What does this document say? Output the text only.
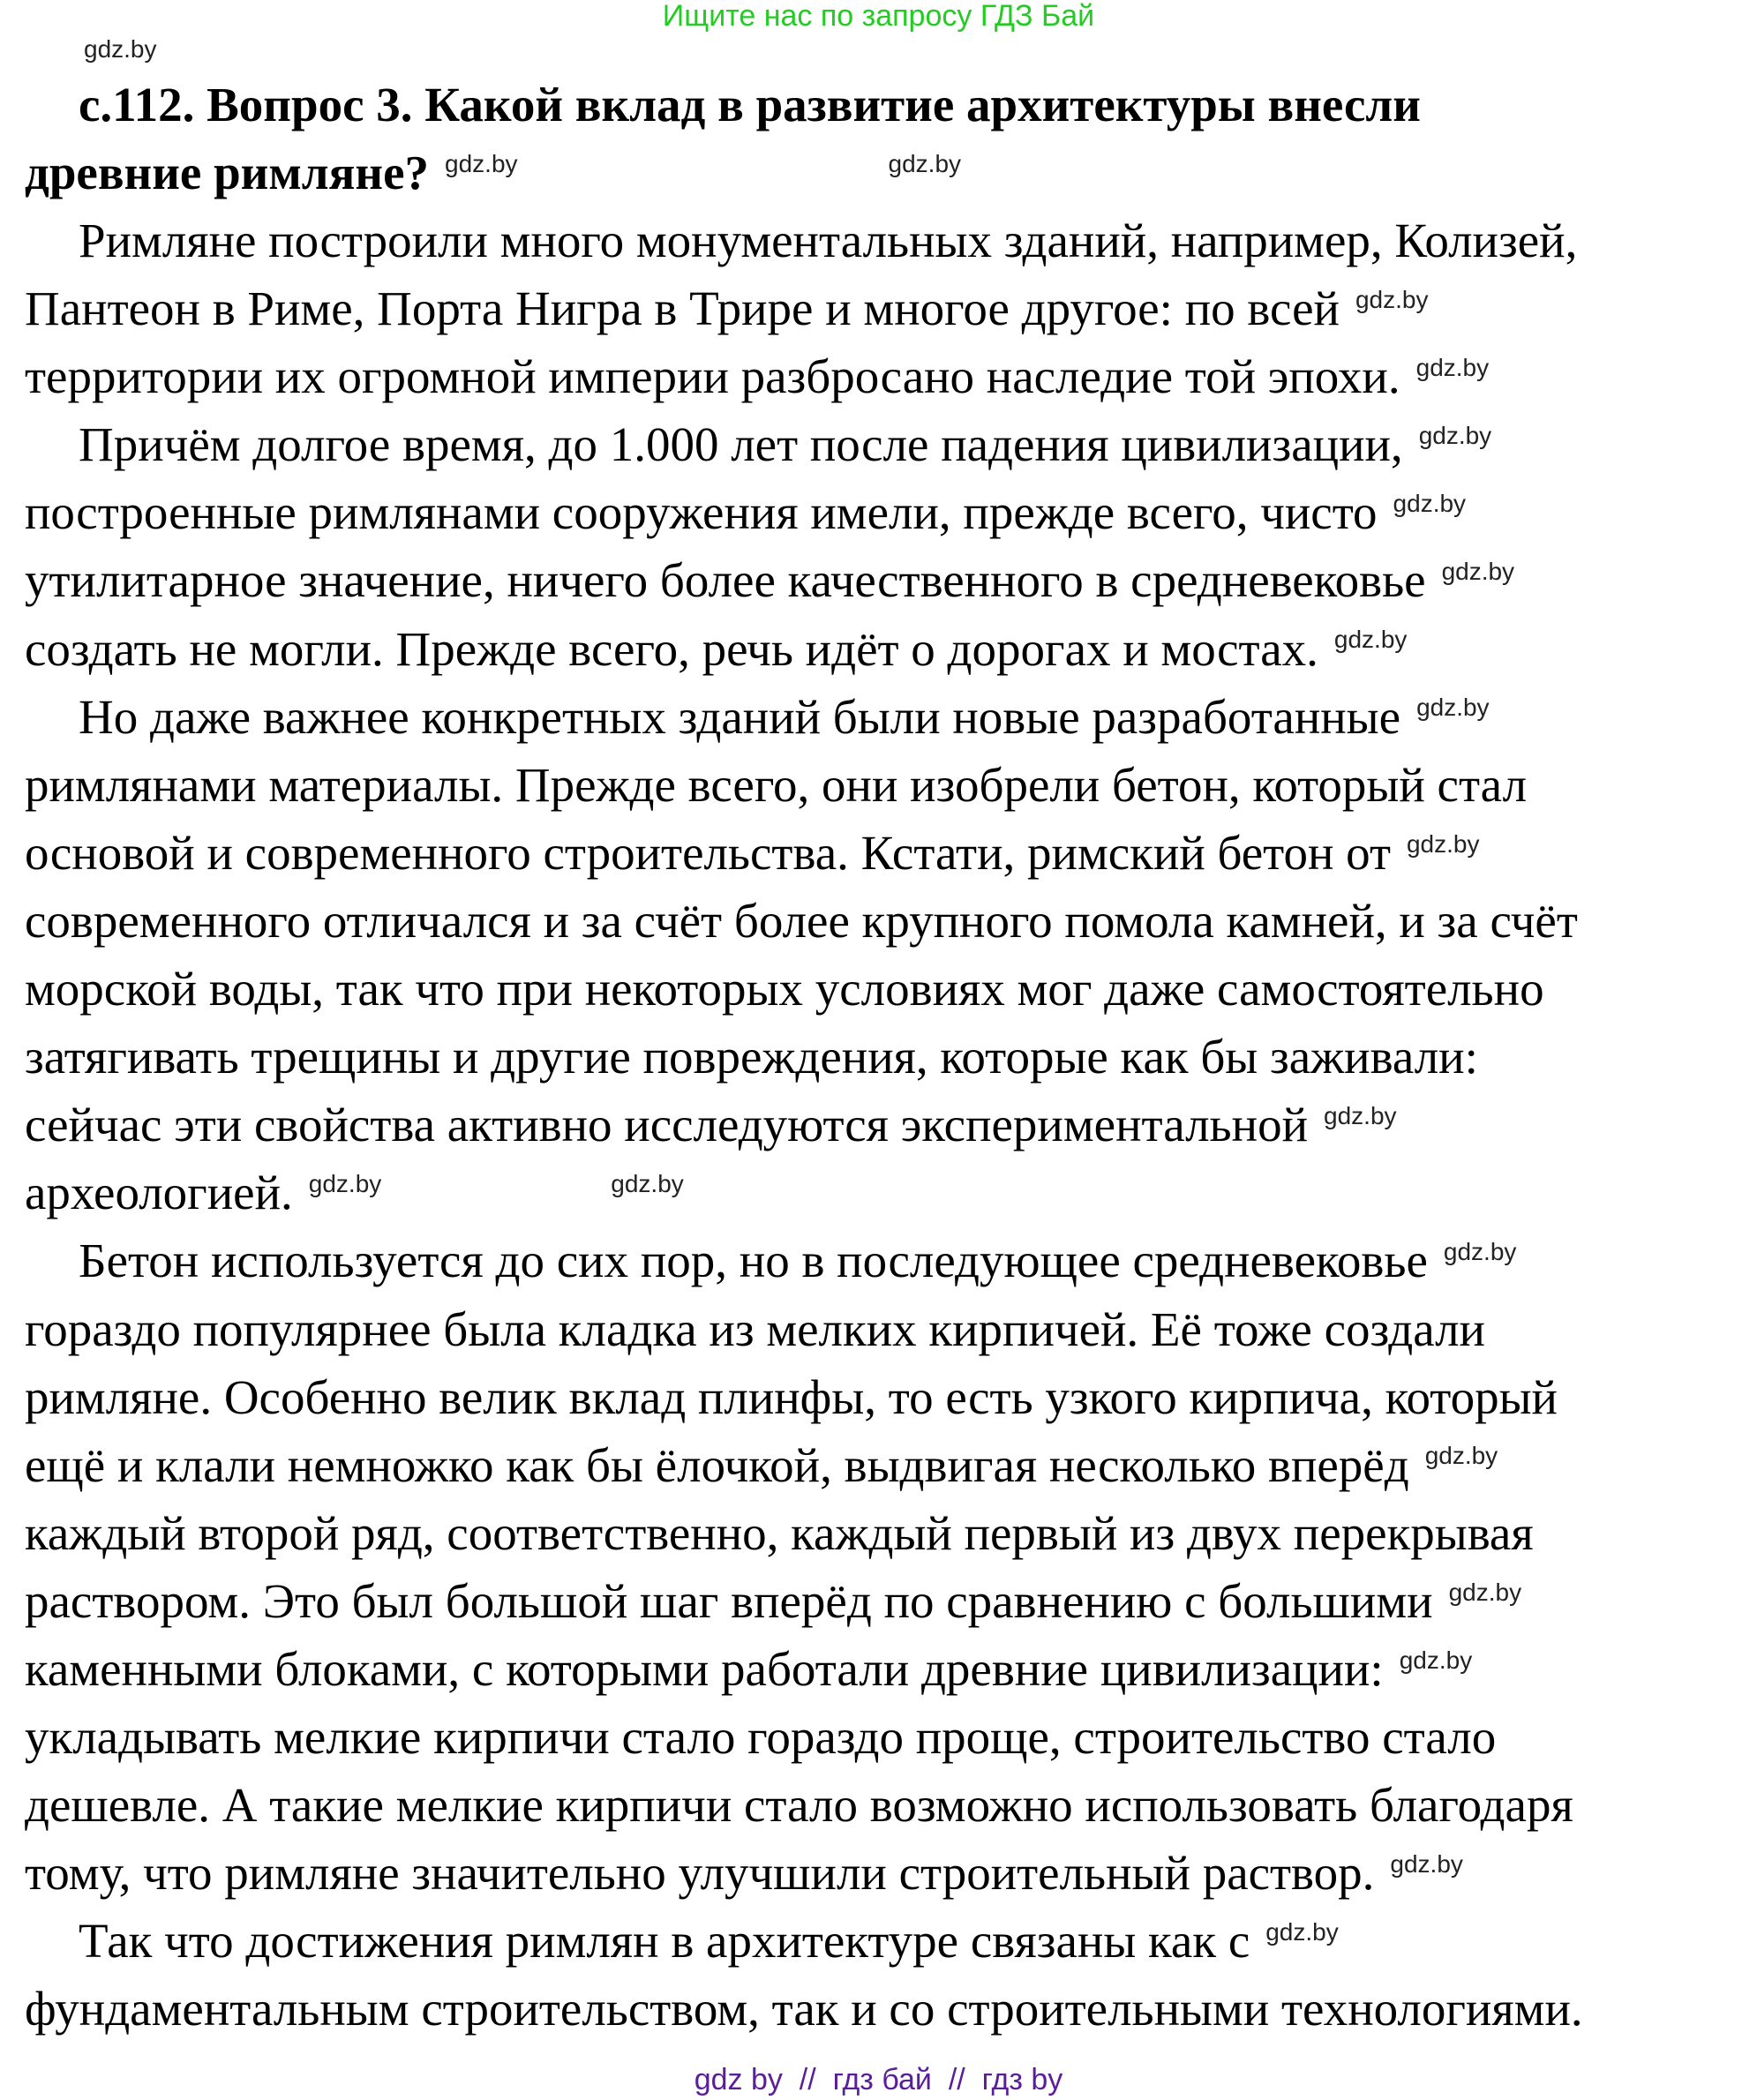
Ищите нас по запросу ГДЗ Бай
gdz.by
с.112. Вопрос 3. Какой вклад в развитие архитектуры внесли
древние римляне? $^{gdz.by}$	$^{gdz.by}$
Римляне построили много монументальных зданий, например, Колизей,
Пантеон в Риме, Порта Нигра в Трире и многое другое: по всей $^{gdz.by}$
территории их огромной империи разбросано наследие той эпохи. $^{gdz.by}$
Причём долгое время, до 1.000 лет после падения цивилизации, $^{gdz.by}$
построенные римлянами сооружения имели, прежде всего, чисто $^{gdz.by}$
утилитарное значение, ничего более качественного в средневековье $^{gdz.by}$
создать не могли. Прежде всего, речь идёт о дорогах и мостах. $^{gdz.by}$
Но даже важнее конкретных зданий были новые разработанные $^{gdz.by}$
римлянами материалы. Прежде всего, они изобрели бетон, который стал
основой и современного строительства. Кстати, римский бетон от $^{gdz.by}$
современного отличался и за счёт более крупного помола камней, и за счёт
морской воды, так что при некоторых условиях мог даже самостоятельно
затягивать трещины и другие повреждения, которые как бы заживали:
сейчас эти свойства активно исследуются экспериментальной $^{gdz.by}$
археологией. $^{gdz.by}$	$^{gdz.by}$
Бетон используется до сих пор, но в последующее средневековье $^{gdz.by}$
гораздо популярнее была кладка из мелких кирпичей. Её тоже создали
римляне. Особенно велик вклад плинфы, то есть узкого кирпича, который
ещё и клали немножко как бы ёлочкой, выдвигая несколько вперёд $^{gdz.by}$
каждый второй ряд, соответственно, каждый первый из двух перекрывая
раствором. Это был большой шаг вперёд по сравнению с большими $^{gdz.by}$
каменными блоками, с которыми работали древние цивилизации: $^{gdz.by}$
укладывать мелкие кирпичи стало гораздо проще, строительство стало
дешевле. А такие мелкие кирпичи стало возможно использовать благодаря
тому, что римляне значительно улучшили строительный раствор. $^{gdz.by}$
Так что достижения римлян в архитектуре связаны как с $^{gdz.by}$
фундаментальным строительством, так и со строительными технологиями.
gdz by  //  гдз бай  //  гдз by
